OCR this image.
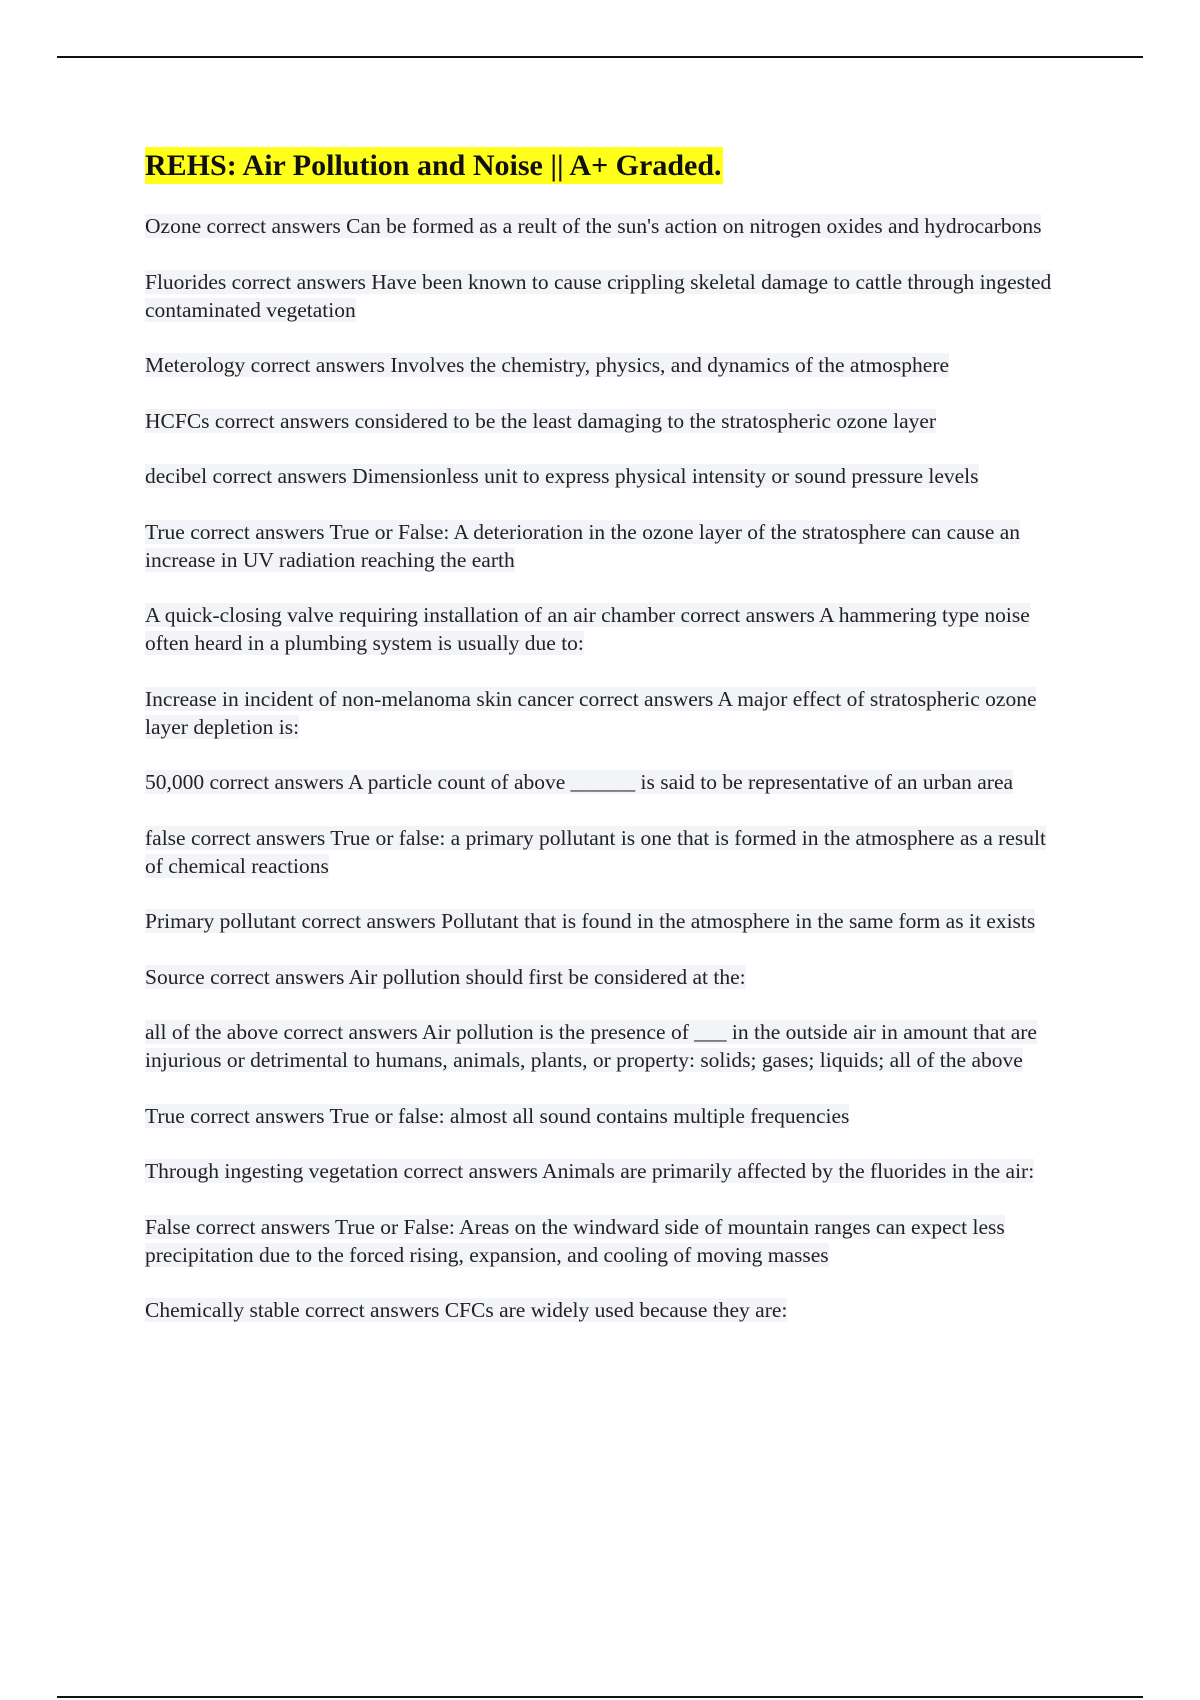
REHS: Air Pollution and Noise || A+ Graded.

Ozone correct answers Can be formed as a reult of the sun's action on nitrogen oxides and hydrocarbons

Fluorides correct answers Have been known to cause crippling skeletal damage to cattle through ingested contaminated vegetation

Meterology correct answers Involves the chemistry, physics, and dynamics of the atmosphere

HCFCs correct answers considered to be the least damaging to the stratospheric ozone layer

decibel correct answers Dimensionless unit to express physical intensity or sound pressure levels

True correct answers True or False: A deterioration in the ozone layer of the stratosphere can cause an increase in UV radiation reaching the earth

A quick-closing valve requiring installation of an air chamber correct answers A hammering type noise often heard in a plumbing system is usually due to:

Increase in incident of non-melanoma skin cancer correct answers A major effect of stratospheric ozone layer depletion is:

50,000 correct answers A particle count of above ______ is said to be representative of an urban area

false correct answers True or false: a primary pollutant is one that is formed in the atmosphere as a result of chemical reactions

Primary pollutant correct answers Pollutant that is found in the atmosphere in the same form as it exists

Source correct answers Air pollution should first be considered at the:

all of the above correct answers Air pollution is the presence of ___ in the outside air in amount that are injurious or detrimental to humans, animals, plants, or property: solids; gases; liquids; all of the above

True correct answers True or false: almost all sound contains multiple frequencies

Through ingesting vegetation correct answers Animals are primarily affected by the fluorides in the air:

False correct answers True or False: Areas on the windward side of mountain ranges can expect less precipitation due to the forced rising, expansion, and cooling of moving masses

Chemically stable correct answers CFCs are widely used because they are:
